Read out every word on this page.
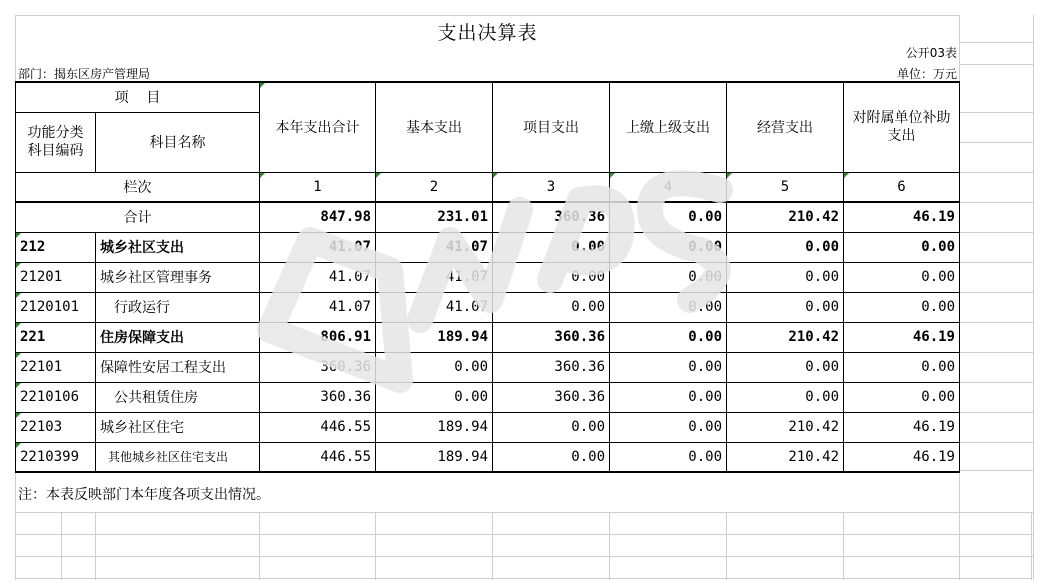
支出决算表
公开03表
部门：揭东区房产管理局	单位：万元
项    目		本年支出合计	基本支出	项目支出	上缴上级支出	经营支出	对附属单位补助支出
功能分类科目编码	科目名称						
栏次		1	2	3	4	5	6
合计		847.98	231.01	360.36	0.00	210.42	46.19
212	城乡社区支出	41.07	41.07	0.00	0.00	0.00	0.00
21201	城乡社区管理事务	41.07	41.07	0.00	0.00	0.00	0.00
2120101	行政运行	41.07	41.07	0.00	0.00	0.00	0.00
221	住房保障支出	806.91	189.94	360.36	0.00	210.42	46.19
22101	保障性安居工程支出	360.36	0.00	360.36	0.00	0.00	0.00
2210106	公共租赁住房	360.36	0.00	360.36	0.00	0.00	0.00
22103	城乡社区住宅	446.55	189.94	0.00	0.00	210.42	46.19
2210399	其他城乡社区住宅支出	446.55	189.94	0.00	0.00	210.42	46.19
注：本表反映部门本年度各项支出情况。
